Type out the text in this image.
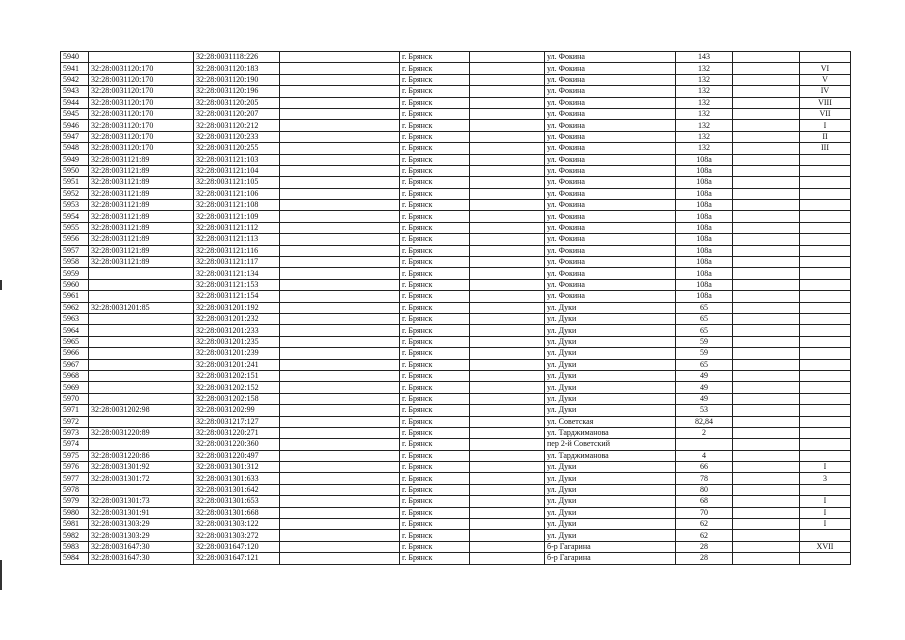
5940		32:28:0031118:226		г. Брянск		ул. Фокина	143		
5941	32:28:0031120:170	32:28:0031120:183		г. Брянск		ул. Фокина	132		VI
5942	32:28:0031120:170	32:28:0031120:190		г. Брянск		ул. Фокина	132		V
5943	32:28:0031120:170	32:28:0031120:196		г. Брянск		ул. Фокина	132		IV
5944	32:28:0031120:170	32:28:0031120:205		г. Брянск		ул. Фокина	132		VIII
5945	32:28:0031120:170	32:28:0031120:207		г. Брянск		ул. Фокина	132		VII
5946	32:28:0031120:170	32:28:0031120:212		г. Брянск		ул. Фокина	132		I
5947	32:28:0031120:170	32:28:0031120:233		г. Брянск		ул. Фокина	132		II
5948	32:28:0031120:170	32:28:0031120:255		г. Брянск		ул. Фокина	132		III
5949	32:28:0031121:89	32:28:0031121:103		г. Брянск		ул. Фокина	108а		
5950	32:28:0031121:89	32:28:0031121:104		г. Брянск		ул. Фокина	108а		
5951	32:28:0031121:89	32:28:0031121:105		г. Брянск		ул. Фокина	108а		
5952	32:28:0031121:89	32:28:0031121:106		г. Брянск		ул. Фокина	108а		
5953	32:28:0031121:89	32:28:0031121:108		г. Брянск		ул. Фокина	108а		
5954	32:28:0031121:89	32:28:0031121:109		г. Брянск		ул. Фокина	108а		
5955	32:28:0031121:89	32:28:0031121:112		г. Брянск		ул. Фокина	108а		
5956	32:28:0031121:89	32:28:0031121:113		г. Брянск		ул. Фокина	108а		
5957	32:28:0031121:89	32:28:0031121:116		г. Брянск		ул. Фокина	108а		
5958	32:28:0031121:89	32:28:0031121:117		г. Брянск		ул. Фокина	108а		
5959		32:28:0031121:134		г. Брянск		ул. Фокина	108а		
5960		32:28:0031121:153		г. Брянск		ул. Фокина	108а		
5961		32:28:0031121:154		г. Брянск		ул. Фокина	108а		
5962	32:28:0031201:85	32:28:0031201:192		г. Брянск		ул. Дуки	65		
5963		32:28:0031201:232		г. Брянск		ул. Дуки	65		
5964		32:28:0031201:233		г. Брянск		ул. Дуки	65		
5965		32:28:0031201:235		г. Брянск		ул. Дуки	59		
5966		32:28:0031201:239		г. Брянск		ул. Дуки	59		
5967		32:28:0031201:241		г. Брянск		ул. Дуки	65		
5968		32:28:0031202:151		г. Брянск		ул. Дуки	49		
5969		32:28:0031202:152		г. Брянск		ул. Дуки	49		
5970		32:28:0031202:158		г. Брянск		ул. Дуки	49		
5971	32:28:0031202:98	32:28:0031202:99		г. Брянск		ул. Дуки	53		
5972		32:28:0031217:127		г. Брянск		ул. Советская	82,84		
5973	32:28:0031220:89	32:28:0031220:271		г. Брянск		ул. Тарджиманова	2		
5974		32:28:0031220:360		г. Брянск		пер 2-й Советский			
5975	32:28:0031220:86	32:28:0031220:497		г. Брянск		ул. Тарджиманова	4		
5976	32:28:0031301:92	32:28:0031301:312		г. Брянск		ул. Дуки	66		I
5977	32:28:0031301:72	32:28:0031301:633		г. Брянск		ул. Дуки	78		3
5978		32:28:0031301:642		г. Брянск		ул. Дуки	80		
5979	32:28:0031301:73	32:28:0031301:653		г. Брянск		ул. Дуки	68		I
5980	32:28:0031301:91	32:28:0031301:668		г. Брянск		ул. Дуки	70		I
5981	32:28:0031303:29	32:28:0031303:122		г. Брянск		ул. Дуки	62		I
5982	32:28:0031303:29	32:28:0031303:272		г. Брянск		ул. Дуки	62		
5983	32:28:0031647:30	32:28:0031647:120		г. Брянск		б-р Гагарина	28		XVII
5984	32:28:0031647:30	32:28:0031647:121		г. Брянск		б-р Гагарина	28		
